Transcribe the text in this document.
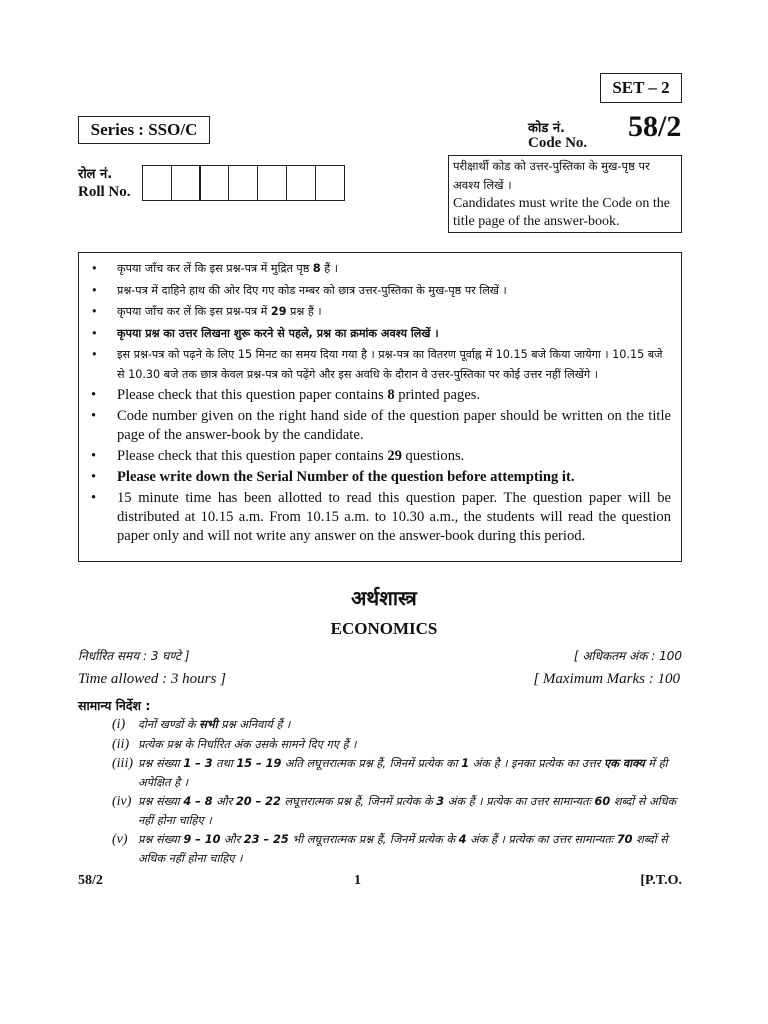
SET – 2
Series : SSO/C	कोड नं.
Code No. 58/2
रोल नं.
Roll No.
परीक्षार्थी कोड को उत्तर-पुस्तिका के मुख-पृष्ठ पर अवश्य लिखें ।
Candidates must write the Code on the title page of the answer-book.
• कृपया जाँच कर लें कि इस प्रश्न-पत्र में मुद्रित पृष्ठ 8 हैं ।
• प्रश्न-पत्र में दाहिने हाथ की ओर दिए गए कोड नम्बर को छात्र उत्तर-पुस्तिका के मुख-पृष्ठ पर लिखें ।
• कृपया जाँच कर लें कि इस प्रश्न-पत्र में 29 प्रश्न हैं ।
• कृपया प्रश्न का उत्तर लिखना शुरू करने से पहले, प्रश्न का क्रमांक अवश्य लिखें ।
• इस प्रश्न-पत्र को पढ़ने के लिए 15 मिनट का समय दिया गया है । प्रश्न-पत्र का वितरण पूर्वाह्न में 10.15 बजे किया जायेगा । 10.15 बजे से 10.30 बजे तक छात्र केवल प्रश्न-पत्र को पढ़ेंगे और इस अवधि के दौरान वे उत्तर-पुस्तिका पर कोई उत्तर नहीं लिखेंगे ।
• Please check that this question paper contains 8 printed pages.
• Code number given on the right hand side of the question paper should be written on the title page of the answer-book by the candidate.
• Please check that this question paper contains 29 questions.
• Please write down the Serial Number of the question before attempting it.
• 15 minute time has been allotted to read this question paper. The question paper will be distributed at 10.15 a.m. From 10.15 a.m. to 10.30 a.m., the students will read the question paper only and will not write any answer on the answer-book during this period.
अर्थशास्त्र
ECONOMICS
निर्धारित समय : 3 घण्टे ]	[ अधिकतम अंक : 100
Time allowed : 3 hours ]	[ Maximum Marks : 100
सामान्य निर्देश :
(i) दोनों खण्डों के सभी प्रश्न अनिवार्य हैं ।
(ii) प्रत्येक प्रश्न के निर्धारित अंक उसके सामने दिए गए हैं ।
(iii) प्रश्न संख्या 1 – 3 तथा 15 – 19 अति लघूत्तरात्मक प्रश्न हैं, जिनमें प्रत्येक का 1 अंक है । इनका प्रत्येक का उत्तर एक वाक्य में ही अपेक्षित है ।
(iv) प्रश्न संख्या 4 – 8 और 20 – 22 लघूत्तरात्मक प्रश्न हैं, जिनमें प्रत्येक के 3 अंक हैं । प्रत्येक का उत्तर सामान्यतः 60 शब्दों से अधिक नहीं होना चाहिए ।
(v) प्रश्न संख्या 9 – 10 और 23 – 25 भी लघूत्तरात्मक प्रश्न हैं, जिनमें प्रत्येक के 4 अंक हैं । प्रत्येक का उत्तर सामान्यतः 70 शब्दों से अधिक नहीं होना चाहिए ।
58/2	1	[P.T.O.
